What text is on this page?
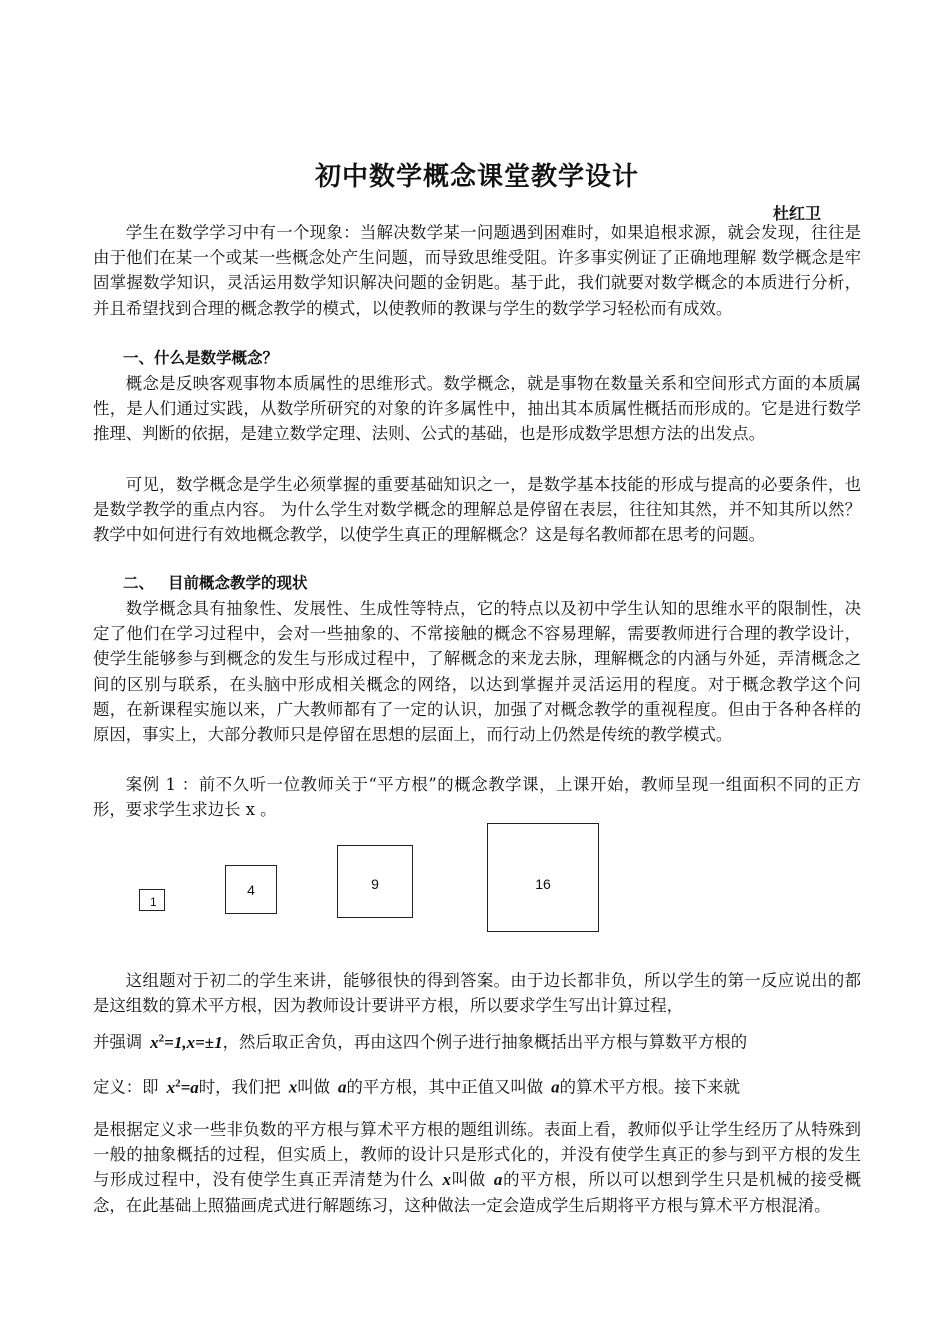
初中数学概念课堂教学设计

杜红卫

学生在数学学习中有一个现象：当解决数学某一问题遇到困难时，如果追根求源，就会发现，往往是由于他们在某一个或某一些概念处产生问题，而导致思维受阻。许多事实例证了正确地理解 数学概念是牢固掌握数学知识，灵活运用数学知识解决问题的金钥匙。基于此，我们就要对数学概念的本质进行分析，并且希望找到合理的概念教学的模式，以使教师的教课与学生的数学学习轻松而有成效。

一、什么是数学概念？

概念是反映客观事物本质属性的思维形式。数学概念，就是事物在数量关系和空间形式方面的本质属性，是人们通过实践，从数学所研究的对象的许多属性中，抽出其本质属性概括而形成的。它是进行数学推理、判断的依据，是建立数学定理、法则、公式的基础，也是形成数学思想方法的出发点。

可见，数学概念是学生必须掌握的重要基础知识之一，是数学基本技能的形成与提高的必要条件，也是数学教学的重点内容。 为什么学生对数学概念的理解总是停留在表层，往往知其然，并不知其所以然？教学中如何进行有效地概念教学，以使学生真正的理解概念？这是每名教师都在思考的问题。

二、 目前概念教学的现状

数学概念具有抽象性、发展性、生成性等特点，它的特点以及初中学生认知的思维水平的限制性，决定了他们在学习过程中，会对一些抽象的、不常接触的概念不容易理解，需要教师进行合理的教学设计，使学生能够参与到概念的发生与形成过程中，了解概念的来龙去脉，理解概念的内涵与外延，弄清概念之间的区别与联系，在头脑中形成相关概念的网络，以达到掌握并灵活运用的程度。对于概念教学这个问题，在新课程实施以来，广大教师都有了一定的认识，加强了对概念教学的重视程度。但由于各种各样的原因，事实上，大部分教师只是停留在思想的层面上，而行动上仍然是传统的教学模式。

案例 1 ：前不久听一位教师关于“平方根”的概念教学课，上课开始，教师呈现一组面积不同的正方形，要求学生求边长 x 。

1
4	9	16

这组题对于初二的学生来讲，能够很快的得到答案。由于边长都非负，所以学生的第一反应说出的都是这组数的算术平方根，因为教师设计要讲平方根，所以要求学生写出计算过程，

并强调 $x^2=1,x=\pm 1$，然后取正舍负，再由这四个例子进行抽象概括出平方根与算数平方根的

定义：即 $x^2=a$时，我们把 x叫做 a的平方根，其中正值又叫做 a的算术平方根。接下来就

是根据定义求一些非负数的平方根与算术平方根的题组训练。表面上看，教师似乎让学生经历了从特殊到一般的抽象概括的过程，但实质上，教师的设计只是形式化的，并没有使学生真正的参与到平方根的发生与形成过程中，没有使学生真正弄清楚为什么 x叫做 a的平方根，所以可以想到学生只是机械的接受概念，在此基础上照猫画虎式进行解题练习，这种做法一定会造成学生后期将平方根与算术平方根混淆。
